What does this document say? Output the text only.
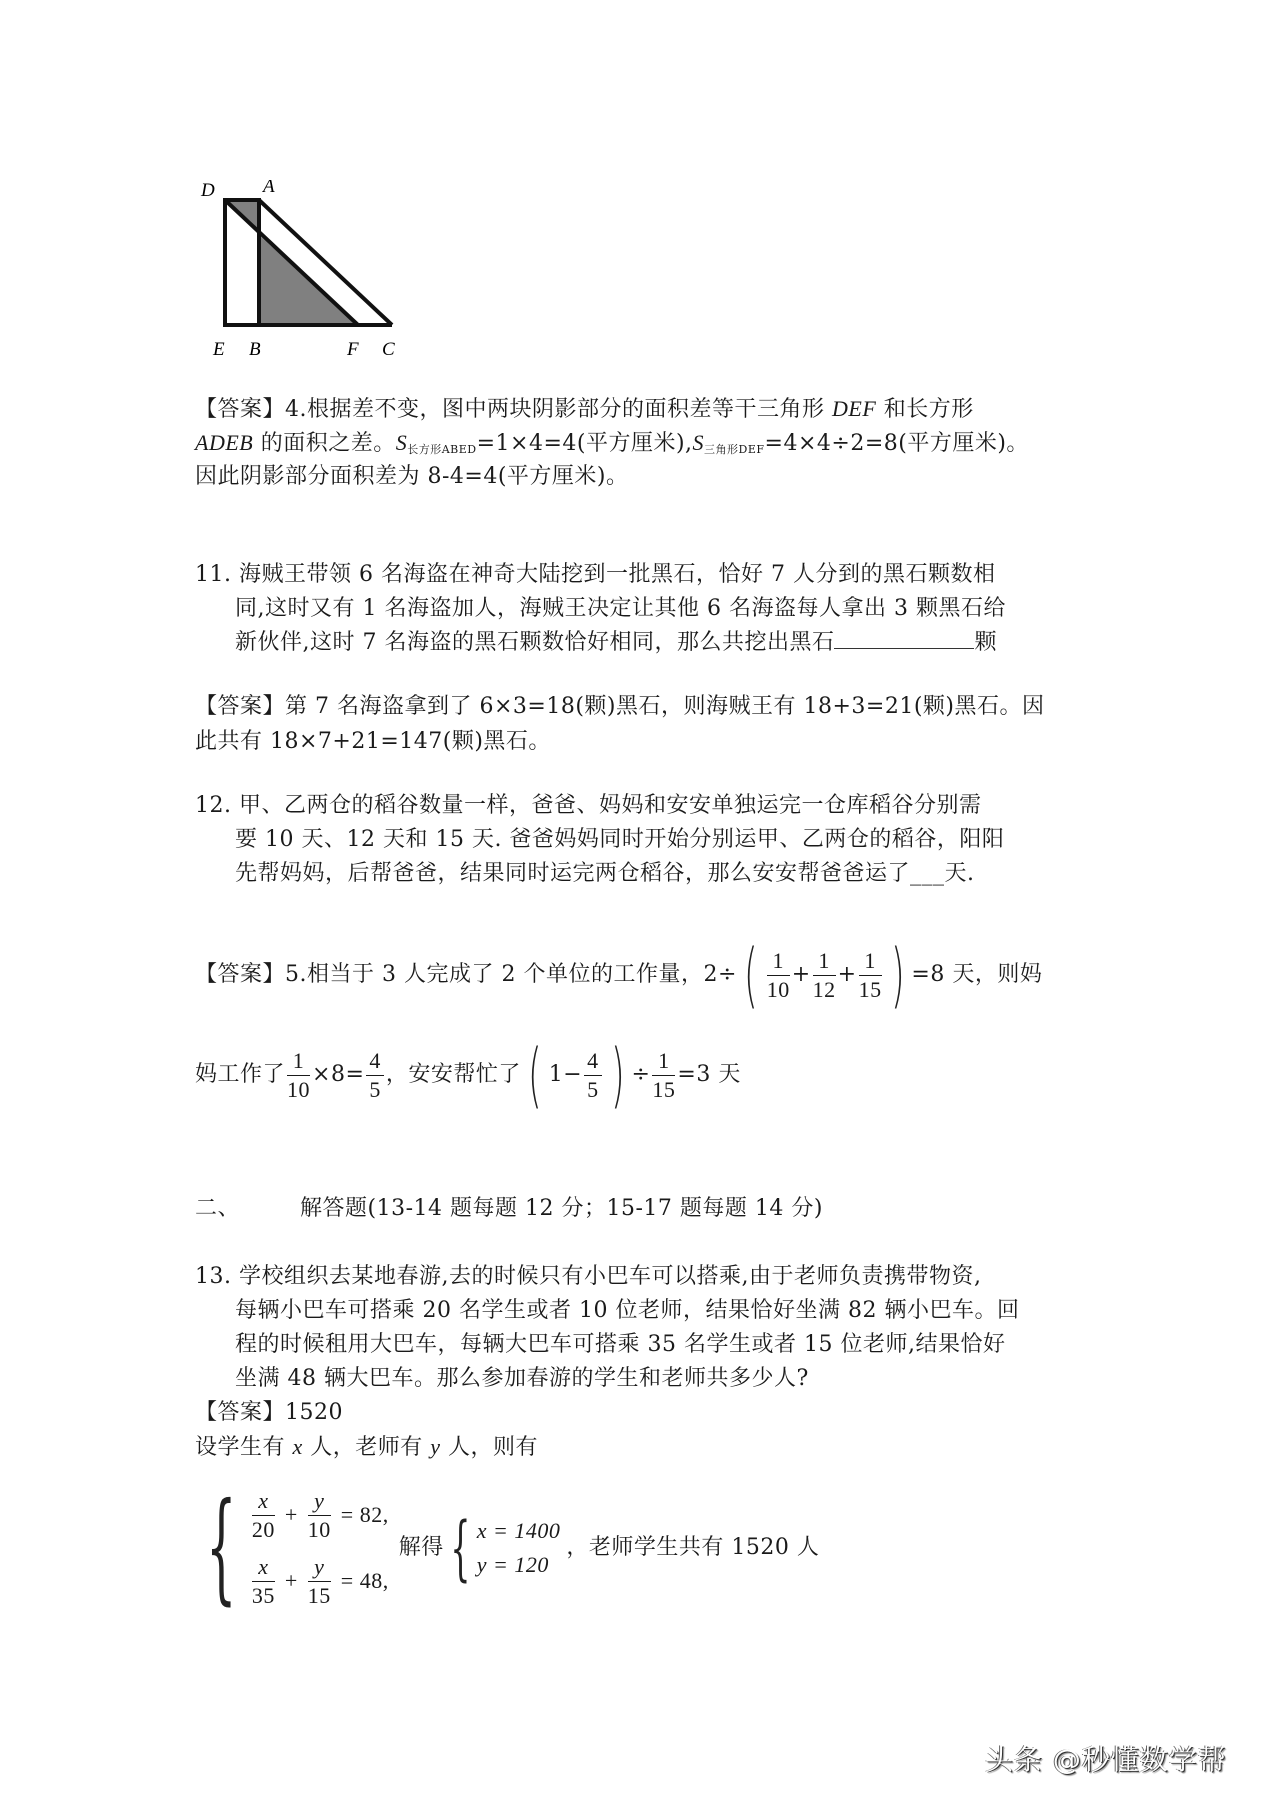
D	A
E B	F C
【答案】4.根据差不变，图中两块阴影部分的面积差等干三角形 DEF 和长方形
ADEB 的面积之差。$S_{长方形ABED}=1\times 4=4$(平方厘米)$,S_{三角形DEF}=4\times 4\div 2=8$(平方厘米)。
因此阴影部分面积差为 8-4=4(平方厘米)。
11. 海贼王带领 6 名海盗在神奇大陆挖到一批黑石，恰好 7 人分到的黑石颗数相
同,这时又有 1 名海盗加人，海贼王决定让其他 6 名海盗每人拿出 3 颗黑石给
新伙伴,这时 7 名海盗的黑石颗数恰好相同，那么共挖出黑石	颗
【答案】第 7 名海盗拿到了 6×3=18(颗)黑石，则海贼王有 18+3=21(颗)黑石。因
此共有 18×7+21=147(颗)黑石。
12. 甲、乙两仓的稻谷数量一样，爸爸、妈妈和安安单独运完一仓库稻谷分别需
要 10 天、12 天和 15 天. 爸爸妈妈同时开始分别运甲、乙两仓的稻谷，阳阳
先帮妈妈，后帮爸爸，结果同时运完两仓稻谷，那么安安帮爸爸运了___天.
【答案】5.相当于 3 人完成了 2 个单位的工作量， 2÷ ( $\frac{1}{10} + \frac{1}{12} + \frac{1}{15}$ ) =8 天，则妈
妈工作了 $\frac{1}{10} \times 8= \frac{4}{5}$ ，安安帮忙了 ( $1- \frac{4}{5}$ ) ÷ $\frac{1}{15} =3$ 天
二、	解答题(13-14 题每题 12 分；15-17 题每题 14 分)
13. 学校组织去某地春游,去的时候只有小巴车可以搭乘,由于老师负责携带物资,
每辆小巴车可搭乘 20 名学生或者 10 位老师，结果恰好坐满 82 辆小巴车。回
程的时候租用大巴车，每辆大巴车可搭乘 35 名学生或者 15 位老师,结果恰好
坐满 48 辆大巴车。那么参加春游的学生和老师共多少人?
【答案】1520
设学生有 x 人，老师有 y 人，则有
{ $\frac{x}{20} + \frac{y}{10} = 82$,
$\frac{x}{35} + \frac{y}{15} = 48$,
解得 { x = 1400
y = 120
，老师学生共有 1520 人
头条 @秒懂数学帮
